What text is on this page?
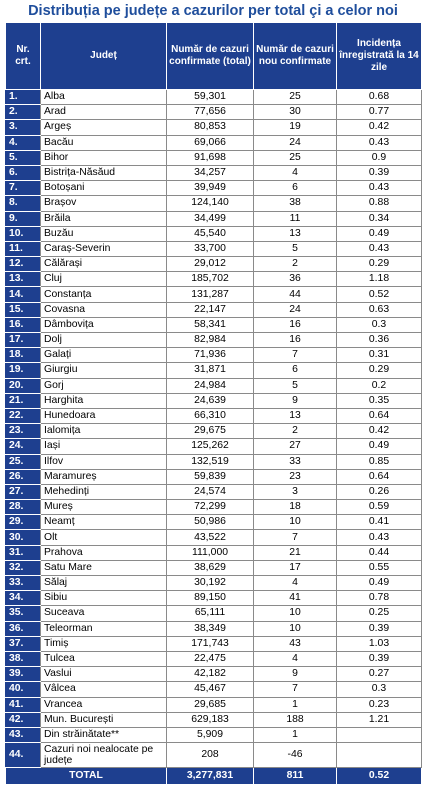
Distribuția pe județe a cazurilor per total çi a celor noi
Nr. crt.	Județ	Număr de cazuri confirmate (total)	Număr de cazuri nou confirmate	Incidența înregistrată la 14 zile
1.	Alba	59,301	25	0.68
2.	Arad	77,656	30	0.77
3.	Argeș	80,853	19	0.42
4.	Bacău	69,066	24	0.43
5.	Bihor	91,698	25	0.9
6.	Bistrița-Năsăud	34,257	4	0.39
7.	Botoșani	39,949	6	0.43
8.	Brașov	124,140	38	0.88
9.	Brăila	34,499	11	0.34
10.	Buzău	45,540	13	0.49
11.	Caraș-Severin	33,700	5	0.43
12.	Călărași	29,012	2	0.29
13.	Cluj	185,702	36	1.18
14.	Constanța	131,287	44	0.52
15.	Covasna	22,147	24	0.63
16.	Dâmbovița	58,341	16	0.3
17.	Dolj	82,984	16	0.36
18.	Galați	71,936	7	0.31
19.	Giurgiu	31,871	6	0.29
20.	Gorj	24,984	5	0.2
21.	Harghita	24,639	9	0.35
22.	Hunedoara	66,310	13	0.64
23.	Ialomița	29,675	2	0.42
24.	Iași	125,262	27	0.49
25.	Ilfov	132,519	33	0.85
26.	Maramureș	59,839	23	0.64
27.	Mehedinți	24,574	3	0.26
28.	Mureș	72,299	18	0.59
29.	Neamț	50,986	10	0.41
30.	Olt	43,522	7	0.43
31.	Prahova	111,000	21	0.44
32.	Satu Mare	38,629	17	0.55
33.	Sălaj	30,192	4	0.49
34.	Sibiu	89,150	41	0.78
35.	Suceava	65,111	10	0.25
36.	Teleorman	38,349	10	0.39
37.	Timiș	171,743	43	1.03
38.	Tulcea	22,475	4	0.39
39.	Vaslui	42,182	9	0.27
40.	Vâlcea	45,467	7	0.3
41.	Vrancea	29,685	1	0.23
42.	Mun. București	629,183	188	1.21
43.	Din străinătate**	5,909	1	
44.	Cazuri noi nealocate pe județe	208	-46	
TOTAL		3,277,831	811	0.52
